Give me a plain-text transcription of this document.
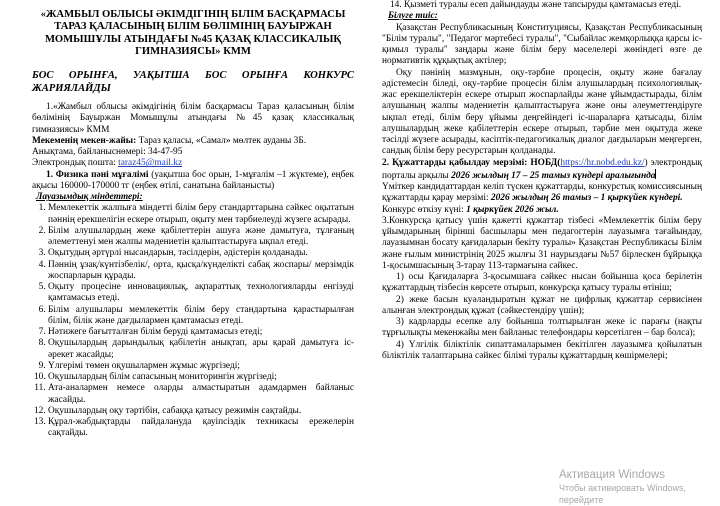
«ЖАМБЫЛ ОБЛЫСЫ ӘКІМДІГІНІҢ БІЛІМ БАСҚАРМАСЫ ТАРАЗ ҚАЛАСЫНЫҢ БІЛІМ БӨЛІМІНІҢ БАУЫРЖАН МОМЫШҰЛЫ АТЫНДАҒЫ №45 ҚАЗАҚ КЛАССИКАЛЫҚ ГИМНАЗИЯСЫ» КММ

БОС ОРЫНҒА, УАҚЫТША БОС ОРЫНҒА КОНКУРС ЖАРИЯЛАЙДЫ

1.«Жамбыл облысы әкімдігінің білім басқармасы Тараз қаласының білім бөлімінің Бауыржан Момышұлы атындағы №45 қазақ классикалық гимназиясы» КММ

Мекеменің мекен-жайы: Тараз қаласы, «Самал» мөлтек ауданы 3Б.

Анықтама, байланыснөмері: 34-47-95

Электрондық пошта: taraz45@mail.kz

1. Физика пәні мұғалімі (уақытша бос орын, 1-мұғалім –1 жүктеме), еңбек ақысы 160000-170000 тг (еңбек өтілі, санатына байланысты)

Лауазымдық міндеттері:

1. Мемлекеттік жалпыға міндетті білім беру стандарттарына сәйкес оқытатын пәннің ерекшелігін ескере отырып, оқыту мен тәрбиелеуді жүзеге асырады.
2. Білім алушылардың жеке қабілеттерін ашуға және дамытуға, тұлғаның әлеметтенуі мен жалпы мәдениетін қалыптастыруға ықпал етеді.
3. Оқытудың әртүрлі нысандарын, тәсілдерін, әдістерін қолданады.
4. Пәннің ұзақ/күнтізбелік/, орта, қысқа/күнделікті сабақ жоспары/ мерзімдік жоспарларын құрады.
5. Оқыту процесіне инновациялық, ақпараттық технологияларды енгізуді қамтамасыз етеді.
6. Білім алушылары мемлекеттік білім беру стандартына қарастырылған білім, білік және дағдылармен қамтамасыз етеді.
7. Нәтижеге бағытталған білім беруді қамтамасыз етеді;
8. Оқушылардың дарындылық қабілетін анықтап, ары қарай дамытуға іс-әрекет жасайды;
9. Үлгерімі төмен оқушылармен жұмыс жүргізеді;
10. Оқушылардың білім сапасының мониторингін жүргізеді;
11. Ата-аналармен немесе оларды алмастыратын адамдармен байланыс жасайды.
12. Оқушылардың оқу тәртібін, сабаққа қатысу режимін сақтайды.
13. Құрал-жабдықтарды пайдалануда қауіпсіздік техникасы ережелерін сақтайды.
14. Қызметі туралы есеп дайындауды және тапсыруды қамтамасыз етеді.

Білуге тиіс:

Қазақстан Республикасының Конституциясы, Қазақстан Республикасының "Білім туралы", "Педагог мәртебесі туралы", "Сыбайлас жемқорлыққа қарсы іс-қимыл туралы" заңдары және білім беру мәселелері жөніндегі өзге де нормативтік құқықтық актілер;

Оқу пәнінің мазмұнын, оқу-тәрбие процесін, оқыту және бағалау әдістемесін біледі, оқу-тәрбие процесін білім алушылардың психологиялық-жас ерекшеліктерін ескере отырып жоспарлайды және ұйымдастырады, білім алушының жалпы мәдениетін қалыптастыруға және оны әлеуметтендіруге ықпал етеді, білім беру ұйымы деңгейіндегі іс-шараларға қатысады, білім алушылардың жеке қабілеттерін ескере отырып, тәрбие мен оқытуда жеке тәсілді жүзеге асырады, кәсіптік-педагогикалық диалог дағдыларын меңгерген, сандық білім беру ресурстарын қолданады.

2. Құжаттарды қабылдау мерзімі: НОБД(https://hr.nobd.edu.kz/) электрондық порталы арқылы 2026 жылдың 17 – 25 тамыз күндері аралығында

Үміткер кандидаттардан келіп түскен құжаттарды, конкурстық комиссиясының құжаттарды қарау мерзімі: 2026 жылдың 26 тамыз – 1 қыркүйек күндері.

Конкурс өткізу күні: 1 қыркүйек 2026 жыл.

3.Конкурсқа қатысу үшін қажетті құжаттар тізбесі «Мемлекеттік білім беру ұйымдарының бірінші басшылары мен педагогтерін лауазымға тағайындау, лауазымнан босату қағидаларын бекіту туралы» Қазақстан Республикасы Білім және ғылым министрінің 2025 жылғы 31 наурыздағы №57 бірлескен бұйрыққа 1-қосымшасының 3-тарау 113-тармағына сәйкес.

1) осы Қағидаларға 3-қосымшаға сәйкес нысан бойынша қоса берілетін құжаттардың тізбесін көрсете отырып, конкурсқа қатысу туралы өтініш;

2) жеке басын куәландыратын құжат не цифрлық құжаттар сервисінен алынған электрондық құжат (сәйкестендіру үшін);

3) кадрларды есепке алу бойынша толтырылған жеке іс парағы (нақты тұрғылықты мекенжайы мен байланыс телефондары көрсетілген – бар болса);

4) Үлгілік біліктілік сипаттамаларымен бекітілген лауазымға қойылатын біліктілік талаптарына сәйкес білімі туралы құжаттардың көшірмелері;

Активация Windows
Чтобы активировать Windows, перейдите
